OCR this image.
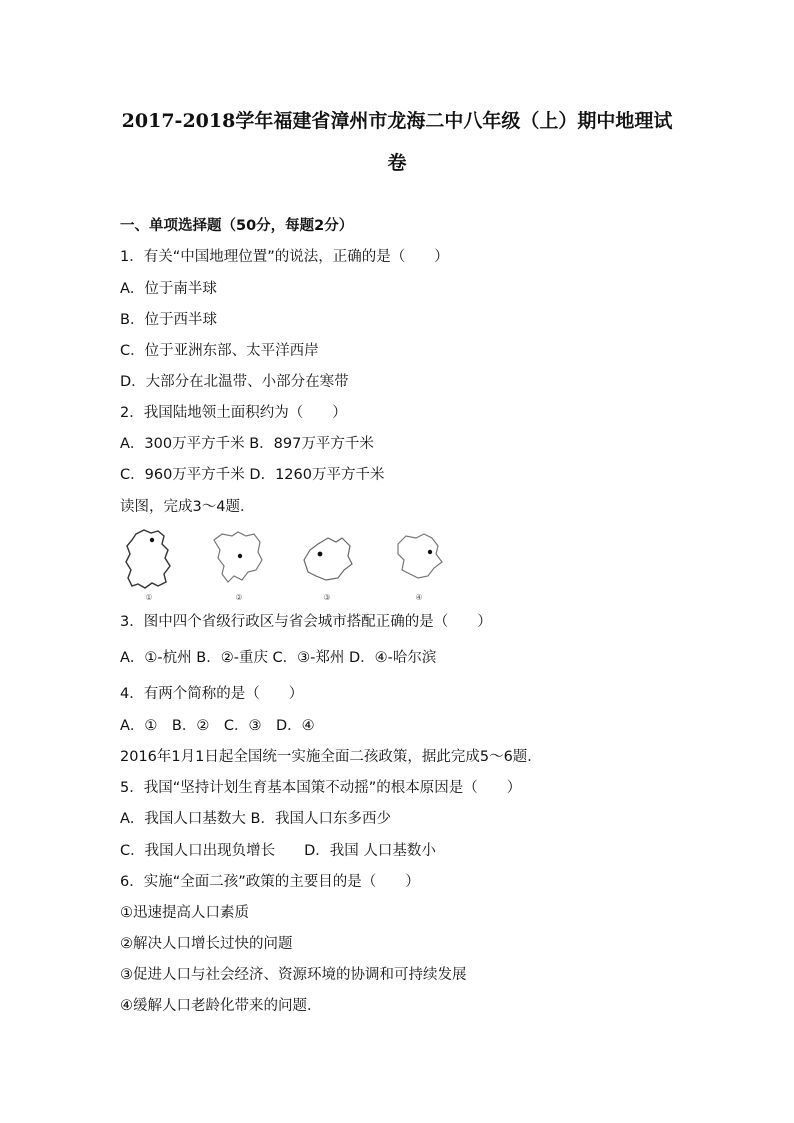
2017-2018学年福建省漳州市龙海二中八年级（上）期中地理试
卷
一、单项选择题（50分，每题2分）
1．有关“中国地理位置”的说法，正确的是（　　）
A．位于南半球
B．位于西半球
C．位于亚洲东部、太平洋西岸
D．大部分在北温带、小部分在寒带
2．我国陆地领土面积约为（　　）
A．300万平方千米 B．897万平方千米
C．960万平方千米 D．1260万平方千米
读图，完成3～4题．
①	②	③	④
3．图中四个省级行政区与省会城市搭配正确的是（　　）
A．①-杭州 B．②-重庆 C．③-郑州 D．④-哈尔滨
4．有两个简称的是（　　）
A．①　B．②　C．③　D．④
2016年1月1日起全国统一实施全面二孩政策，据此完成5～6题．
5．我国“坚持计划生育基本国策不动摇”的根本原因是（　　）
A．我国人口基数大 B．我国人口东多西少
C．我国人口出现负增长　　D．我国 人口基数小
6．实施“全面二孩”政策的主要目的是（　　）
①迅速提高人口素质
②解决人口增长过快的问题
③促进人口与社会经济、资源环境的协调和可持续发展
④缓解人口老龄化带来的问题．
